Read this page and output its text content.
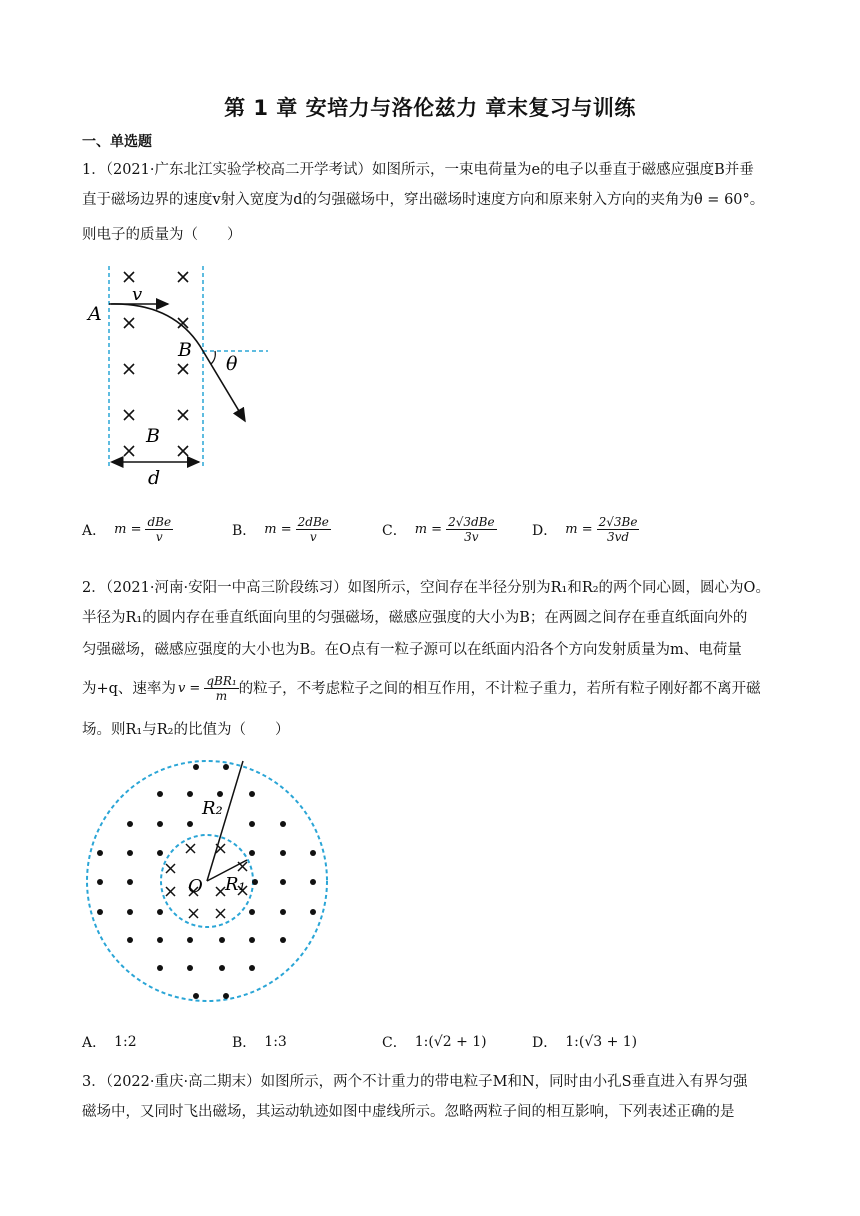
第 1 章 安培力与洛伦兹力 章末复习与训练
一、单选题
1．（2021·广东北江实验学校高二开学考试）如图所示，一束电荷量为e的电子以垂直于磁感应强度B并垂
直于磁场边界的速度v射入宽度为d的匀强磁场中，穿出磁场时速度方向和原来射入方向的夹角为θ = 60°。
则电子的质量为（　　）
A
v
B
θ
B
d
A． $m = \frac{\text{dBe}}{v}$	B． $m = \frac{\text{2dBe}}{v}$	C． $m = \frac{\text{2√3dBe}}{3v}$	D． $m = \frac{2√3Be}{3vd}$
2．（2021·河南·安阳一中高三阶段练习）如图所示，空间存在半径分别为R₁和R₂的两个同心圆，圆心为O。
半径为R₁的圆内存在垂直纸面向里的匀强磁场，磁感应强度的大小为B；在两圆之间存在垂直纸面向外的
匀强磁场，磁感应强度的大小也为B。在O点有一粒子源可以在纸面内沿各个方向发射质量为m、电荷量
为+q、速率为 $v = \frac{\text{qBR₁}}{m}$ 的粒子，不考虑粒子之间的相互作用，不计粒子重力，若所有粒子刚好都不离开磁
场。则R₁与R₂的比值为（　　）
R₂
R₁
O
A． 1:2	B． 1:3	C． 1:(√2 + 1)	D． 1:(√3 + 1)
3．（2022·重庆·高二期末）如图所示，两个不计重力的带电粒子M和N，同时由小孔S垂直进入有界匀强
磁场中，又同时飞出磁场，其运动轨迹如图中虚线所示。忽略两粒子间的相互影响，下列表述正确的是
